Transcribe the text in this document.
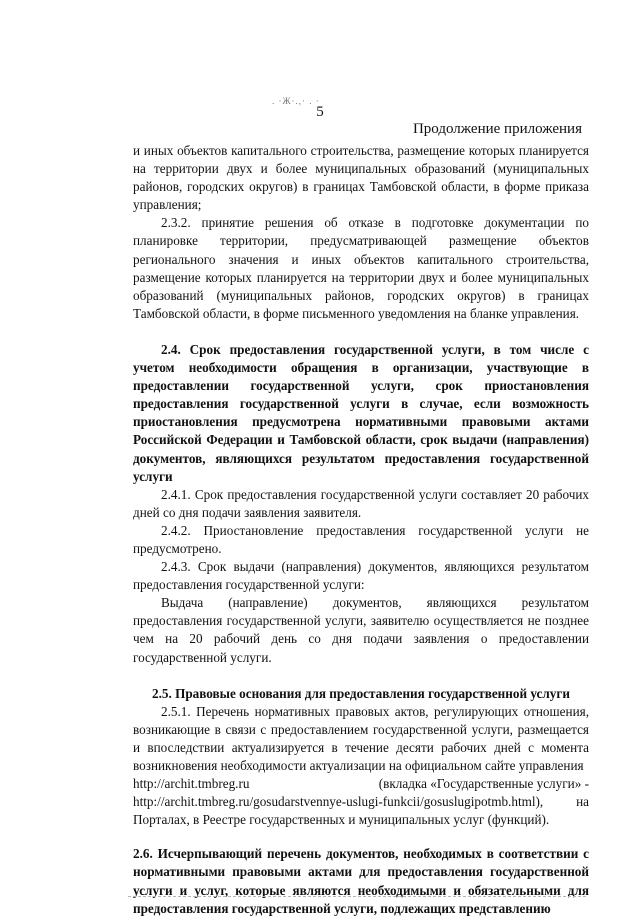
. ·Ж·.,· . ·
5
Продолжение приложения

и иных объектов капитального строительства, размещение которых планируется на территории двух и более муниципальных образований (муниципальных районов, городских округов) в границах Тамбовской области, в форме приказа управления;

2.3.2. принятие решения об отказе в подготовке документации по планировке территории, предусматривающей размещение объектов регионального значения и иных объектов капитального строительства, размещение которых планируется на территории двух и более муниципальных образований (муниципальных районов, городских округов) в границах Тамбовской области, в форме письменного уведомления на бланке управления.

2.4. Срок предоставления государственной услуги, в том числе с учетом необходимости обращения в организации, участвующие в предоставлении государственной услуги, срок приостановления предоставления государственной услуги в случае, если возможность приостановления предусмотрена нормативными правовыми актами Российской Федерации и Тамбовской области, срок выдачи (направления) документов, являющихся результатом предоставления государственной услуги

2.4.1. Срок предоставления государственной услуги составляет 20 рабочих дней со дня подачи заявления заявителя.

2.4.2. Приостановление предоставления государственной услуги не предусмотрено.

2.4.3. Срок выдачи (направления) документов, являющихся результатом предоставления государственной услуги:

Выдача (направление) документов, являющихся результатом предоставления государственной услуги, заявителю осуществляется не позднее чем на 20 рабочий день со дня подачи заявления о предоставлении государственной услуги.

2.5. Правовые основания для предоставления государственной услуги

2.5.1. Перечень нормативных правовых актов, регулирующих отношения, возникающие в связи с предоставлением государственной услуги, размещается и впоследствии актуализируется в течение десяти рабочих дней с момента возникновения необходимости актуализации на официальном сайте управления

http://archit.tmbreg.ru	(вкладка «Государственные услуги» -

http://archit.tmbreg.ru/gosudarstvennye-uslugi-funkcii/gosuslugipotmb.html), на

Порталах, в Реестре государственных и муниципальных услуг (функций).

2.6. Исчерпывающий перечень документов, необходимых в соответствии с нормативными правовыми актами для предоставления государственной услуги и услуг, которые являются необходимыми и обязательными для предоставления государственной услуги, подлежащих представлению
